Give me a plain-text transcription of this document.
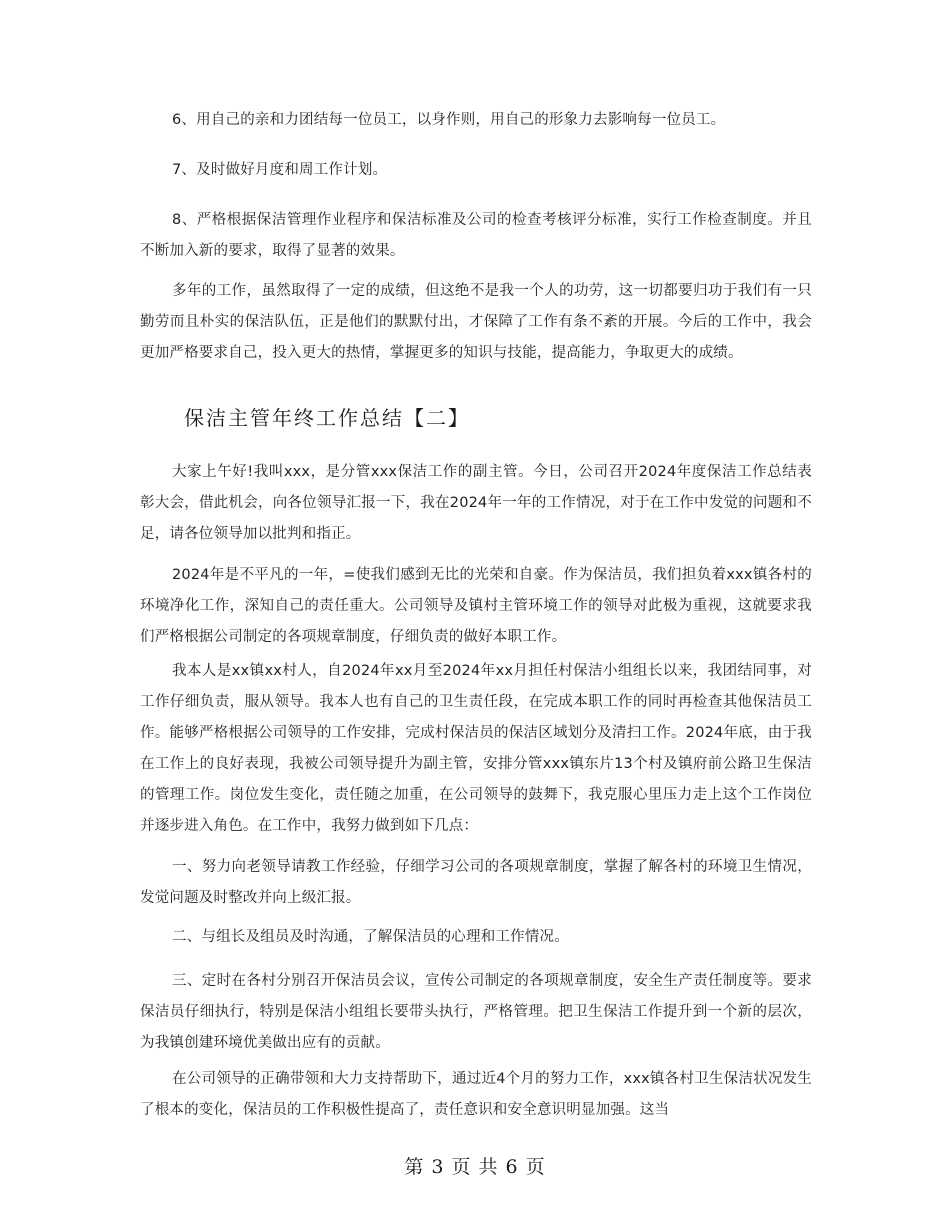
6、用自己的亲和力团结每一位员工，以身作则，用自己的形象力去影响每一位员工。

7、及时做好月度和周工作计划。

8、严格根据保洁管理作业程序和保洁标准及公司的检查考核评分标准，实行工作检查制度。并且不断加入新的要求，取得了显著的效果。

多年的工作，虽然取得了一定的成绩，但这绝不是我一个人的功劳，这一切都要归功于我们有一只勤劳而且朴实的保洁队伍，正是他们的默默付出，才保障了工作有条不紊的开展。今后的工作中，我会更加严格要求自己，投入更大的热情，掌握更多的知识与技能，提高能力，争取更大的成绩。

保洁主管年终工作总结【二】

大家上午好!我叫xxx，是分管xxx保洁工作的副主管。今日，公司召开2024年度保洁工作总结表彰大会，借此机会，向各位领导汇报一下，我在2024年一年的工作情况，对于在工作中发觉的问题和不足，请各位领导加以批判和指正。

2024年是不平凡的一年，=使我们感到无比的光荣和自豪。作为保洁员，我们担负着xxx镇各村的环境净化工作，深知自己的责任重大。公司领导及镇村主管环境工作的领导对此极为重视，这就要求我们严格根据公司制定的各项规章制度，仔细负责的做好本职工作。

我本人是xx镇xx村人，自2024年xx月至2024年xx月担任村保洁小组组长以来，我团结同事，对工作仔细负责，服从领导。我本人也有自己的卫生责任段，在完成本职工作的同时再检查其他保洁员工作。能够严格根据公司领导的工作安排，完成村保洁员的保洁区域划分及清扫工作。2024年底，由于我在工作上的良好表现，我被公司领导提升为副主管，安排分管xxx镇东片13个村及镇府前公路卫生保洁的管理工作。岗位发生变化，责任随之加重，在公司领导的鼓舞下，我克服心里压力走上这个工作岗位并逐步进入角色。在工作中，我努力做到如下几点：

一、努力向老领导请教工作经验，仔细学习公司的各项规章制度，掌握了解各村的环境卫生情况，发觉问题及时整改并向上级汇报。

二、与组长及组员及时沟通，了解保洁员的心理和工作情况。

三、定时在各村分别召开保洁员会议，宣传公司制定的各项规章制度，安全生产责任制度等。要求保洁员仔细执行，特别是保洁小组组长要带头执行，严格管理。把卫生保洁工作提升到一个新的层次，为我镇创建环境优美做出应有的贡献。

在公司领导的正确带领和大力支持帮助下，通过近4个月的努力工作，xxx镇各村卫生保洁状况发生了根本的变化，保洁员的工作积极性提高了，责任意识和安全意识明显加强。这当

第 3 页 共 6 页
